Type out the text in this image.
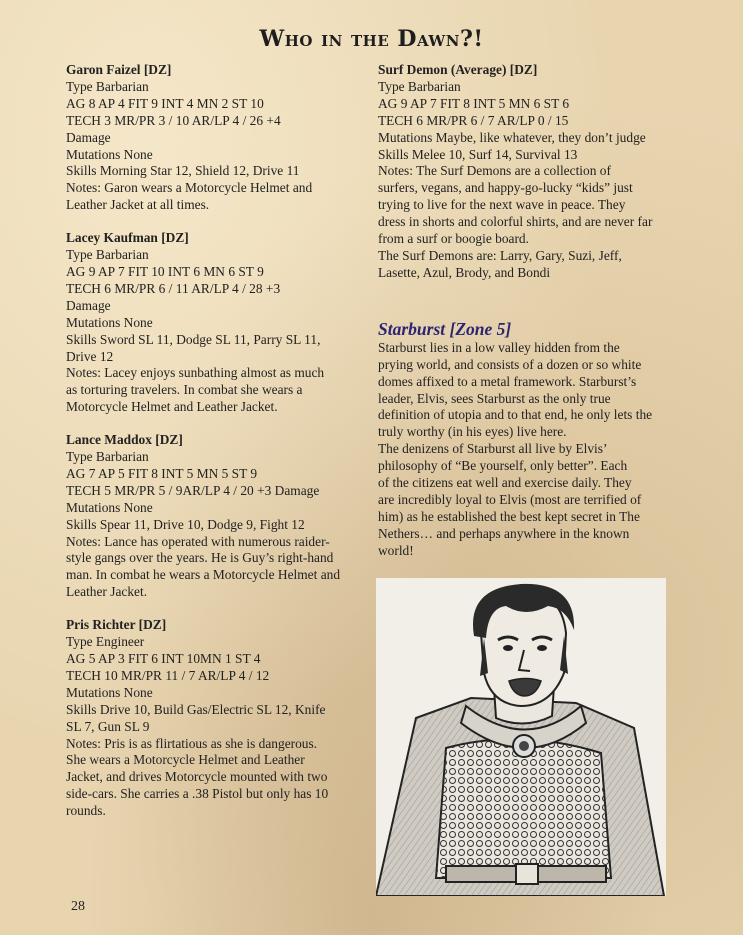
Who in the Dawn?!

Garon Faizel [DZ]

Type Barbarian

AG 8 AP 4 FIT 9 INT 4 MN 2 ST 10

TECH 3 MR/PR 3 / 10 AR/LP 4 / 26 +4

Damage

Mutations None

Skills Morning Star 12, Shield 12, Drive 11

Notes: Garon wears a Motorcycle Helmet and

Leather Jacket at all times.

Lacey Kaufman [DZ]

Type Barbarian

AG 9 AP 7 FIT 10 INT 6 MN 6 ST 9

TECH 6 MR/PR 6 / 11 AR/LP 4 / 28 +3

Damage

Mutations None

Skills Sword SL 11, Dodge SL 11, Parry SL 11,

Drive 12

Notes: Lacey enjoys sunbathing almost as much

as torturing travelers. In combat she wears a

Motorcycle Helmet and Leather Jacket.

Lance Maddox [DZ]

Type Barbarian

AG 7 AP 5 FIT 8 INT 5 MN 5 ST 9

TECH 5 MR/PR 5 / 9AR/LP 4 / 20 +3 Damage

Mutations None

Skills Spear 11, Drive 10, Dodge 9, Fight 12

Notes: Lance has operated with numerous raider-

style gangs over the years. He is Guy’s right-hand

man. In combat he wears a Motorcycle Helmet and

Leather Jacket.

Pris Richter [DZ]

Type Engineer

AG 5 AP 3 FIT 6 INT 10MN 1 ST 4

TECH 10 MR/PR 11 / 7 AR/LP 4 / 12

Mutations None

Skills Drive 10, Build Gas/Electric SL 12, Knife

SL 7, Gun SL 9

Notes: Pris is as flirtatious as she is dangerous.

She wears a Motorcycle Helmet and Leather

Jacket, and drives Motorcycle mounted with two

side-cars. She carries a .38 Pistol but only has 10

rounds.

Surf Demon (Average) [DZ]

Type Barbarian

AG 9 AP 7 FIT 8 INT 5 MN 6 ST 6

TECH 6 MR/PR 6 / 7 AR/LP 0 / 15

Mutations Maybe, like whatever, they don’t judge

Skills Melee 10, Surf 14, Survival 13

Notes: The Surf Demons are a collection of

surfers, vegans, and happy-go-lucky “kids” just

trying to live for the next wave in peace. They

dress in shorts and colorful shirts, and are never far

from a surf or boogie board.

The Surf Demons are: Larry, Gary, Suzi, Jeff,

Lasette, Azul, Brody, and Bondi

Starburst [Zone 5]

Starburst lies in a low valley hidden from the

prying world, and consists of a dozen or so white

domes affixed to a metal framework. Starburst’s

leader, Elvis, sees Starburst as the only true

definition of utopia and to that end, he only lets the

truly worthy (in his eyes) live here.

The denizens of Starburst all live by Elvis’

philosophy of “Be yourself, only better”. Each

of the citizens eat well and exercise daily. They

are incredibly loyal to Elvis (most are terrified of

him) as he established the best kept secret in The

Nethers… and perhaps anywhere in the known

world!

28
